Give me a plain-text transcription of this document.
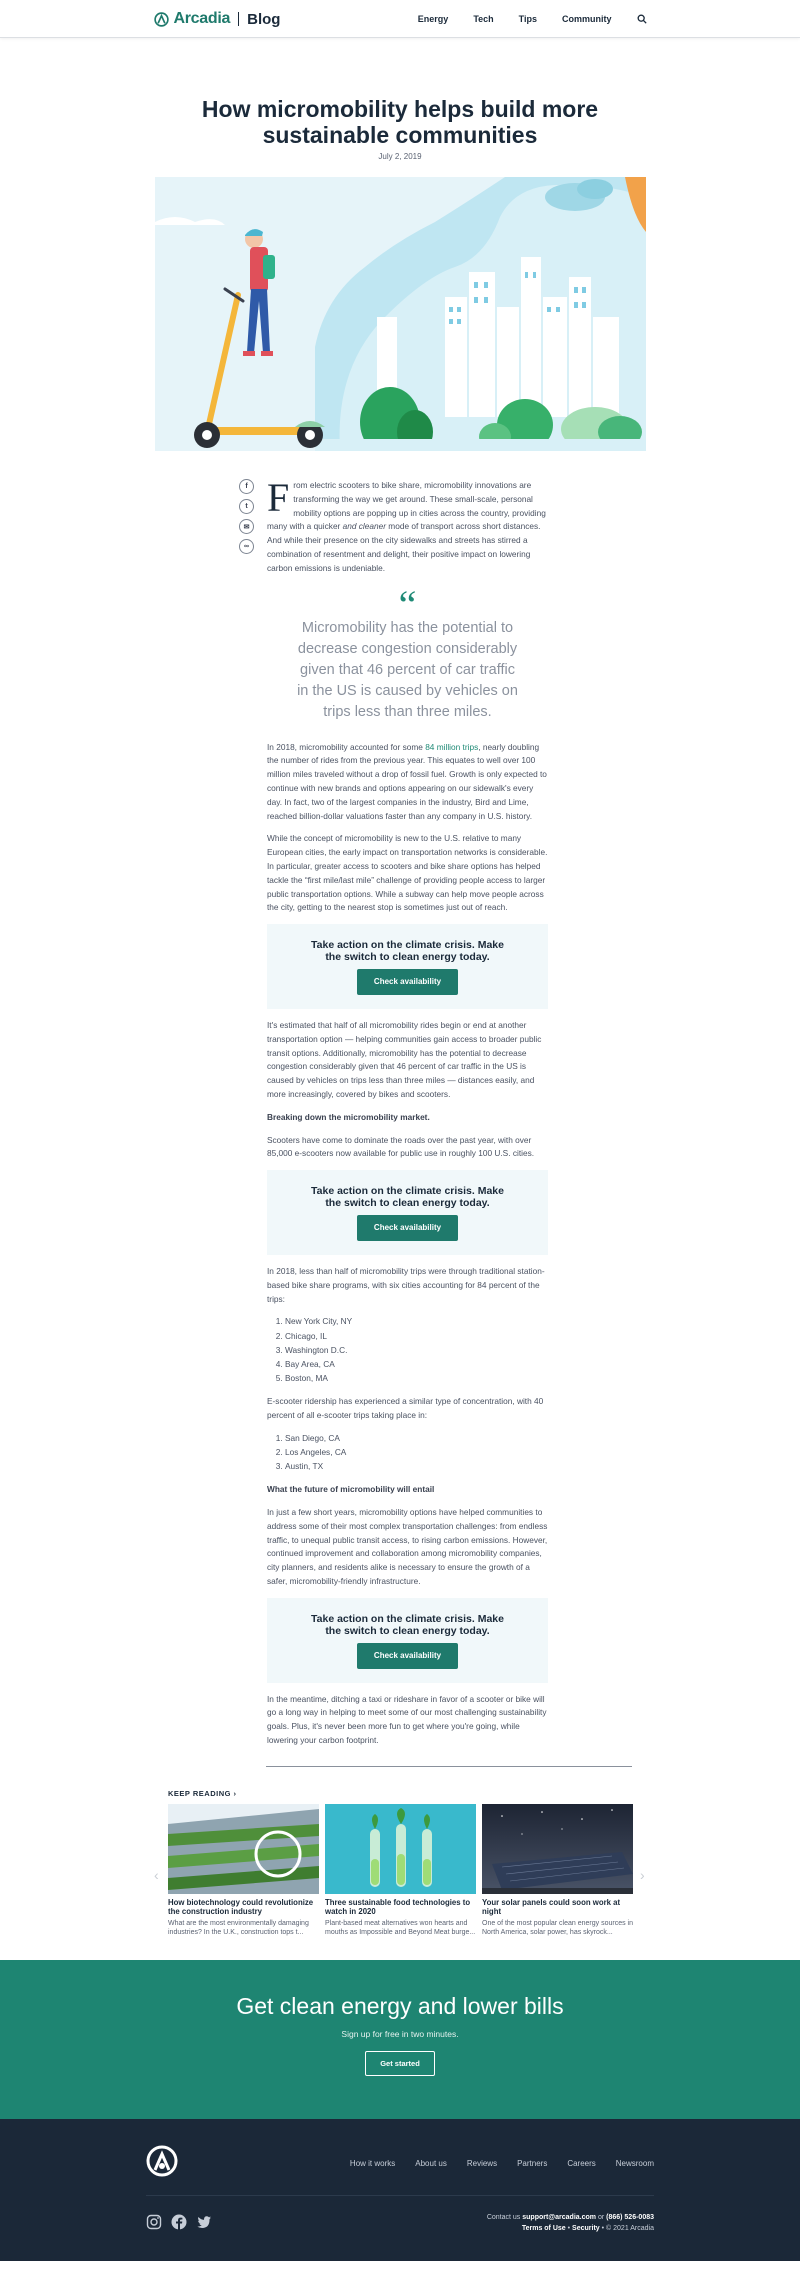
Arcadia Blog	Energy	Tech	Tips	Community
How micromobility helps build more sustainable communities
July 2, 2019
f
t
✉
∞

From electric scooters to bike share, micromobility innovations are transforming the way we get around. These small-scale, personal mobility options are popping up in cities across the country, providing many with a quicker and cleaner mode of transport across short distances. And while their presence on the city sidewalks and streets has stirred a combination of resentment and delight, their positive impact on lowering carbon emissions is undeniable.

“
Micromobility has the potential to decrease congestion considerably given that 46 percent of car traffic in the US is caused by vehicles on trips less than three miles.

In 2018, micromobility accounted for some 84 million trips, nearly doubling the number of rides from the previous year. This equates to well over 100 million miles traveled without a drop of fossil fuel. Growth is only expected to continue with new brands and options appearing on our sidewalk's every day. In fact, two of the largest companies in the industry, Bird and Lime, reached billion-dollar valuations faster than any company in U.S. history.

While the concept of micromobility is new to the U.S. relative to many European cities, the early impact on transportation networks is considerable. In particular, greater access to scooters and bike share options has helped tackle the “first mile/last mile” challenge of providing people access to larger public transportation options. While a subway can help move people across the city, getting to the nearest stop is sometimes just out of reach.

Take action on the climate crisis. Make the switch to clean energy today.
Check availability

It's estimated that half of all micromobility rides begin or end at another transportation option — helping communities gain access to broader public transit options. Additionally, micromobility has the potential to decrease congestion considerably given that 46 percent of car traffic in the US is caused by vehicles on trips less than three miles — distances easily, and more increasingly, covered by bikes and scooters.

Breaking down the micromobility market.

Scooters have come to dominate the roads over the past year, with over 85,000 e-scooters now available for public use in roughly 100 U.S. cities.

Take action on the climate crisis. Make the switch to clean energy today.
Check availability

In 2018, less than half of micromobility trips were through traditional station-based bike share programs, with six cities accounting for 84 percent of the trips:

1. New York City, NY
2. Chicago, IL
3. Washington D.C.
4. Bay Area, CA
5. Boston, MA

E-scooter ridership has experienced a similar type of concentration, with 40 percent of all e-scooter trips taking place in:

1. San Diego, CA
2. Los Angeles, CA
3. Austin, TX

What the future of micromobility will entail

In just a few short years, micromobility options have helped communities to address some of their most complex transportation challenges: from endless traffic, to unequal public transit access, to rising carbon emissions. However, continued improvement and collaboration among micromobility companies, city planners, and residents alike is necessary to ensure the growth of a safer, micromobility-friendly infrastructure.

Take action on the climate crisis. Make the switch to clean energy today.
Check availability

In the meantime, ditching a taxi or rideshare in favor of a scooter or bike will go a long way in helping to meet some of our most challenging sustainability goals. Plus, it's never been more fun to get where you're going, while lowering your carbon footprint.

KEEP READING ›
‹
How biotechnology could revolutionize the construction industry
What are the most environmentally damaging industries? In the U.K., construction tops t...
Three sustainable food technologies to watch in 2020
Plant-based meat alternatives won hearts and mouths as Impossible and Beyond Meat burge...
Your solar panels could soon work at night
One of the most popular clean energy sources in North America, solar power, has skyrock...
›
Get clean energy and lower bills
Sign up for free in two minutes.
Get started
How it works	About us	Reviews	Partners	Careers	Newsroom
Contact us support@arcadia.com or (866) 526-0083
Terms of Use • Security • © 2021 Arcadia
